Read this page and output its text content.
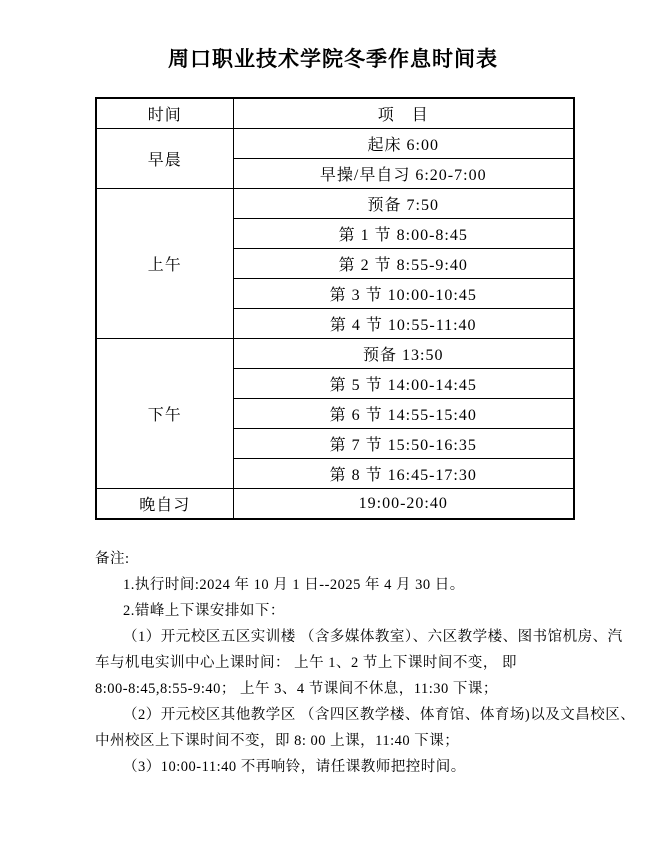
周口职业技术学院冬季作息时间表
时间	项　目
早晨	起床 6:00
	早操/早自习 6:20-7:00
上午	预备 7:50
	第 1 节 8:00-8:45
	第 2 节 8:55-9:40
	第 3 节 10:00-10:45
	第 4 节 10:55-11:40
下午	预备 13:50
	第 5 节 14:00-14:45
	第 6 节 14:55-15:40
	第 7 节 15:50-16:35
	第 8 节 16:45-17:30
晚自习	19:00-20:40
备注:
1.执行时间:2024 年 10 月 1 日--2025 年 4 月 30 日。
2.错峰上下课安排如下：
（1）开元校区五区实训楼 （含多媒体教室）、六区教学楼、图书馆机房、汽
车与机电实训中心上课时间： 上午 1、2 节上下课时间不变， 即
8:00-8:45,8:55-9:40； 上午 3、4 节课间不休息，11:30 下课；
（2）开元校区其他教学区 （含四区教学楼、体育馆、体育场)以及文昌校区、
中州校区上下课时间不变，即 8: 00 上课，11:40 下课；
（3）10:00-11:40 不再响铃，请任课教师把控时间。
